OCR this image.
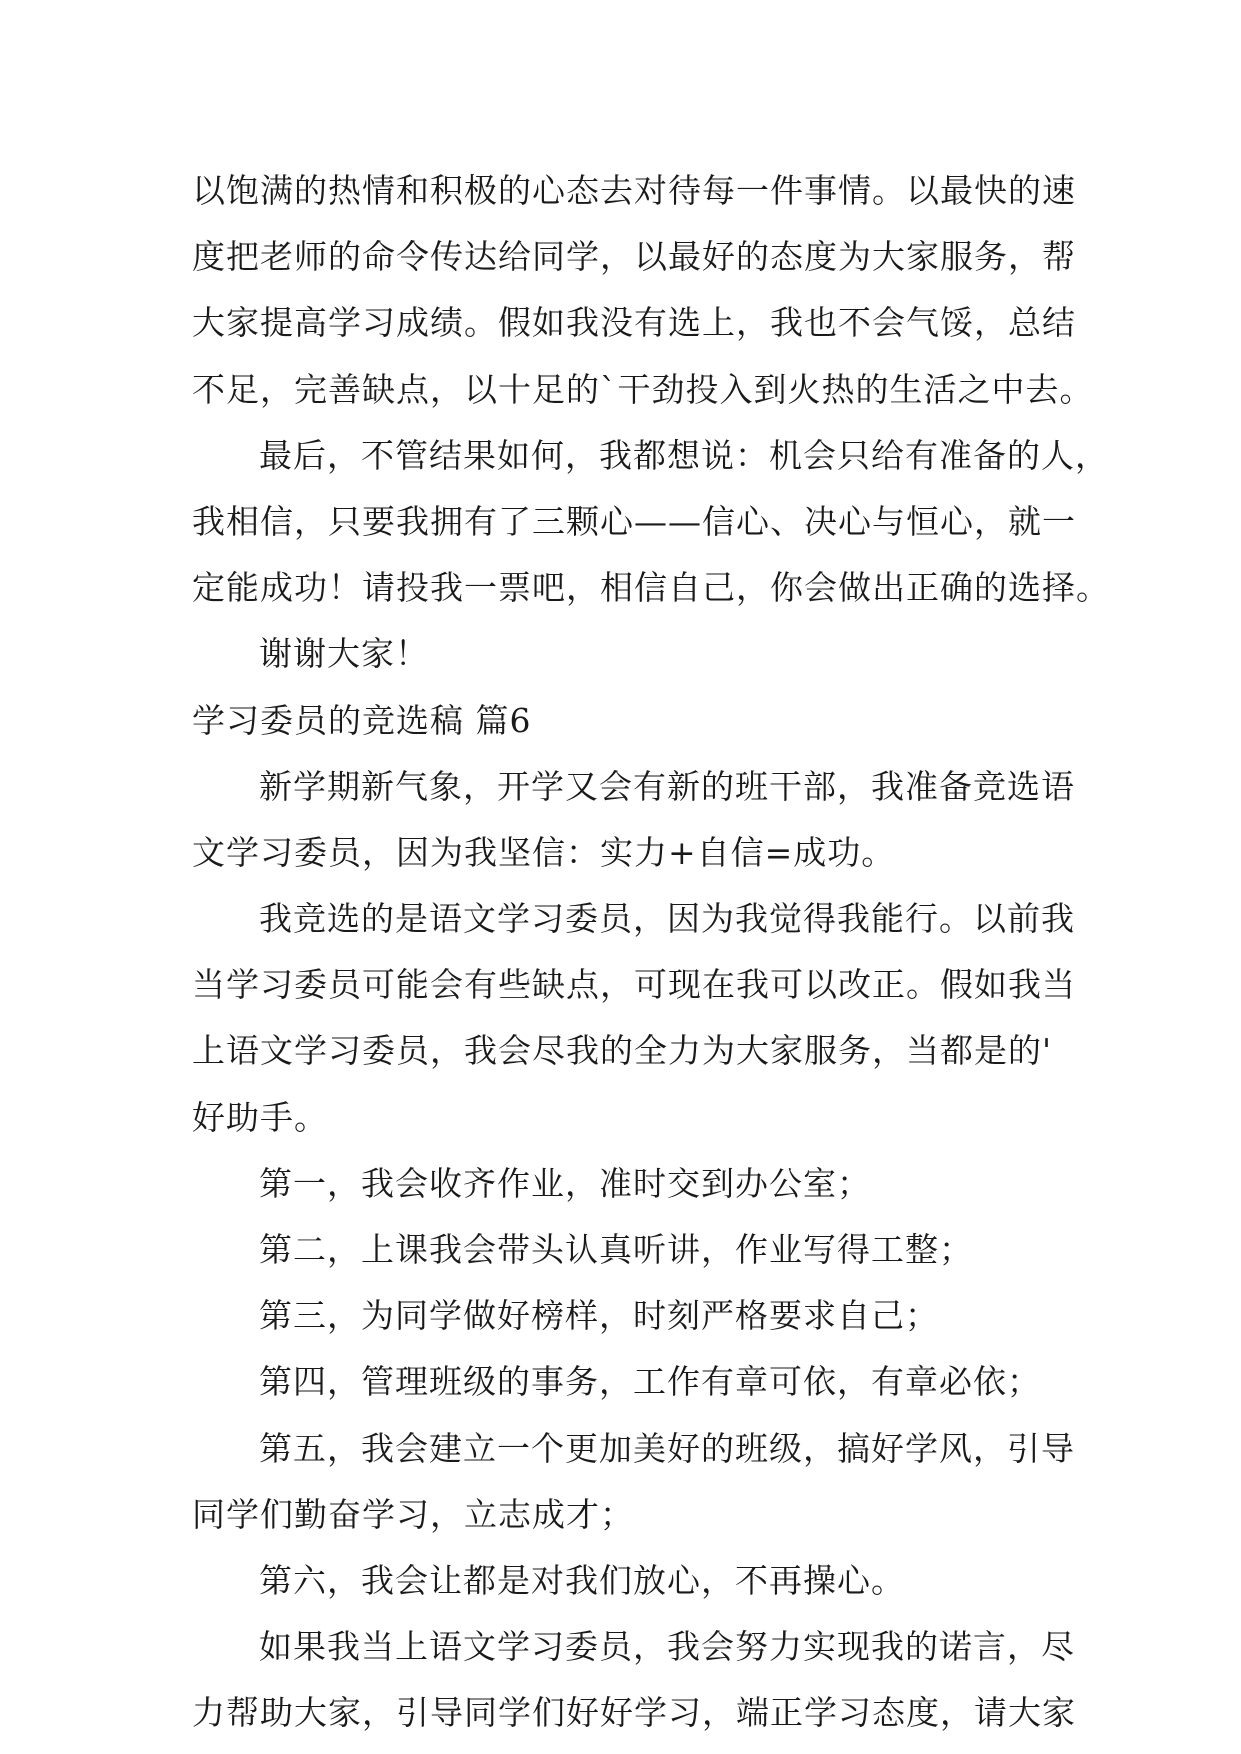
以饱满的热情和积极的心态去对待每一件事情。以最快的速
度把老师的命令传达给同学，以最好的态度为大家服务，帮
大家提高学习成绩。假如我没有选上，我也不会气馁，总结
不足，完善缺点，以十足的`干劲投入到火热的生活之中去。
最后，不管结果如何，我都想说：机会只给有准备的人，
我相信，只要我拥有了三颗心——信心、决心与恒心，就一
定能成功！请投我一票吧，相信自己，你会做出正确的选择。
谢谢大家！
学习委员的竞选稿 篇6
新学期新气象，开学又会有新的班干部，我准备竞选语
文学习委员，因为我坚信：实力+自信=成功。
我竞选的是语文学习委员，因为我觉得我能行。以前我
当学习委员可能会有些缺点，可现在我可以改正。假如我当
上语文学习委员，我会尽我的全力为大家服务，当都是的'
好助手。
第一，我会收齐作业，准时交到办公室；
第二，上课我会带头认真听讲，作业写得工整；
第三，为同学做好榜样，时刻严格要求自己；
第四，管理班级的事务，工作有章可依，有章必依；
第五，我会建立一个更加美好的班级，搞好学风，引导
同学们勤奋学习，立志成才；
第六，我会让都是对我们放心，不再操心。
如果我当上语文学习委员，我会努力实现我的诺言，尽
力帮助大家，引导同学们好好学习，端正学习态度，请大家
